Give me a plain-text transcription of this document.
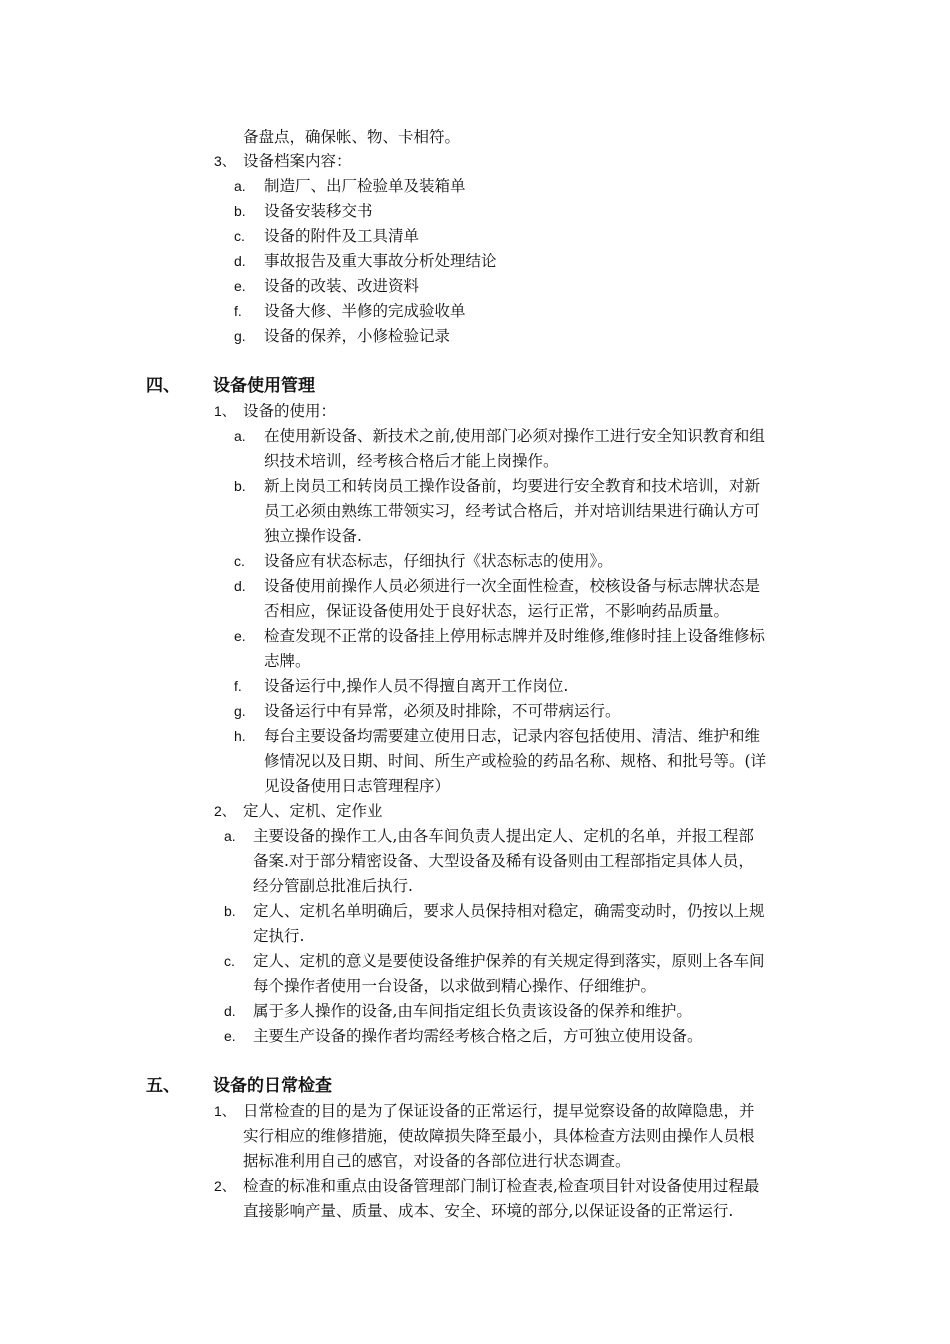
备盘点，确保帐、物、卡相符。
3、 设备档案内容：
a. 制造厂、出厂检验单及装箱单
b. 设备安装移交书
c. 设备的附件及工具清单
d. 事故报告及重大事故分析处理结论
e. 设备的改装、改进资料
f. 设备大修、半修的完成验收单
g. 设备的保养，小修检验记录
四、 设备使用管理
1、 设备的使用：
a. 在使用新设备、新技术之前,使用部门必须对操作工进行安全知识教育和组
织技术培训，经考核合格后才能上岗操作。
b. 新上岗员工和转岗员工操作设备前，均要进行安全教育和技术培训，对新
员工必须由熟练工带领实习，经考试合格后，并对培训结果进行确认方可
独立操作设备.
c. 设备应有状态标志，仔细执行《状态标志的使用》。
d. 设备使用前操作人员必须进行一次全面性检查，校核设备与标志牌状态是
否相应，保证设备使用处于良好状态，运行正常，不影响药品质量。
e. 检查发现不正常的设备挂上停用标志牌并及时维修,维修时挂上设备维修标
志牌。
f. 设备运行中,操作人员不得擅自离开工作岗位.
g. 设备运行中有异常，必须及时排除，不可带病运行。
h. 每台主要设备均需要建立使用日志，记录内容包括使用、清洁、维护和维
修情况以及日期、时间、所生产或检验的药品名称、规格、和批号等。(详
见设备使用日志管理程序）
2、 定人、定机、定作业
a. 主要设备的操作工人,由各车间负责人提出定人、定机的名单，并报工程部
备案.对于部分精密设备、大型设备及稀有设备则由工程部指定具体人员，
经分管副总批准后执行.
b. 定人、定机名单明确后，要求人员保持相对稳定，确需变动时，仍按以上规
定执行.
c. 定人、定机的意义是要使设备维护保养的有关规定得到落实，原则上各车间
每个操作者使用一台设备，以求做到精心操作、仔细维护。
d. 属于多人操作的设备,由车间指定组长负责该设备的保养和维护。
e. 主要生产设备的操作者均需经考核合格之后，方可独立使用设备。
五、 设备的日常检查
1、 日常检查的目的是为了保证设备的正常运行，提早觉察设备的故障隐患，并
实行相应的维修措施，使故障损失降至最小，具体检查方法则由操作人员根
据标准利用自己的感官，对设备的各部位进行状态调查。
2、 检查的标准和重点由设备管理部门制订检查表,检查项目针对设备使用过程最
直接影响产量、质量、成本、安全、环境的部分,以保证设备的正常运行.
